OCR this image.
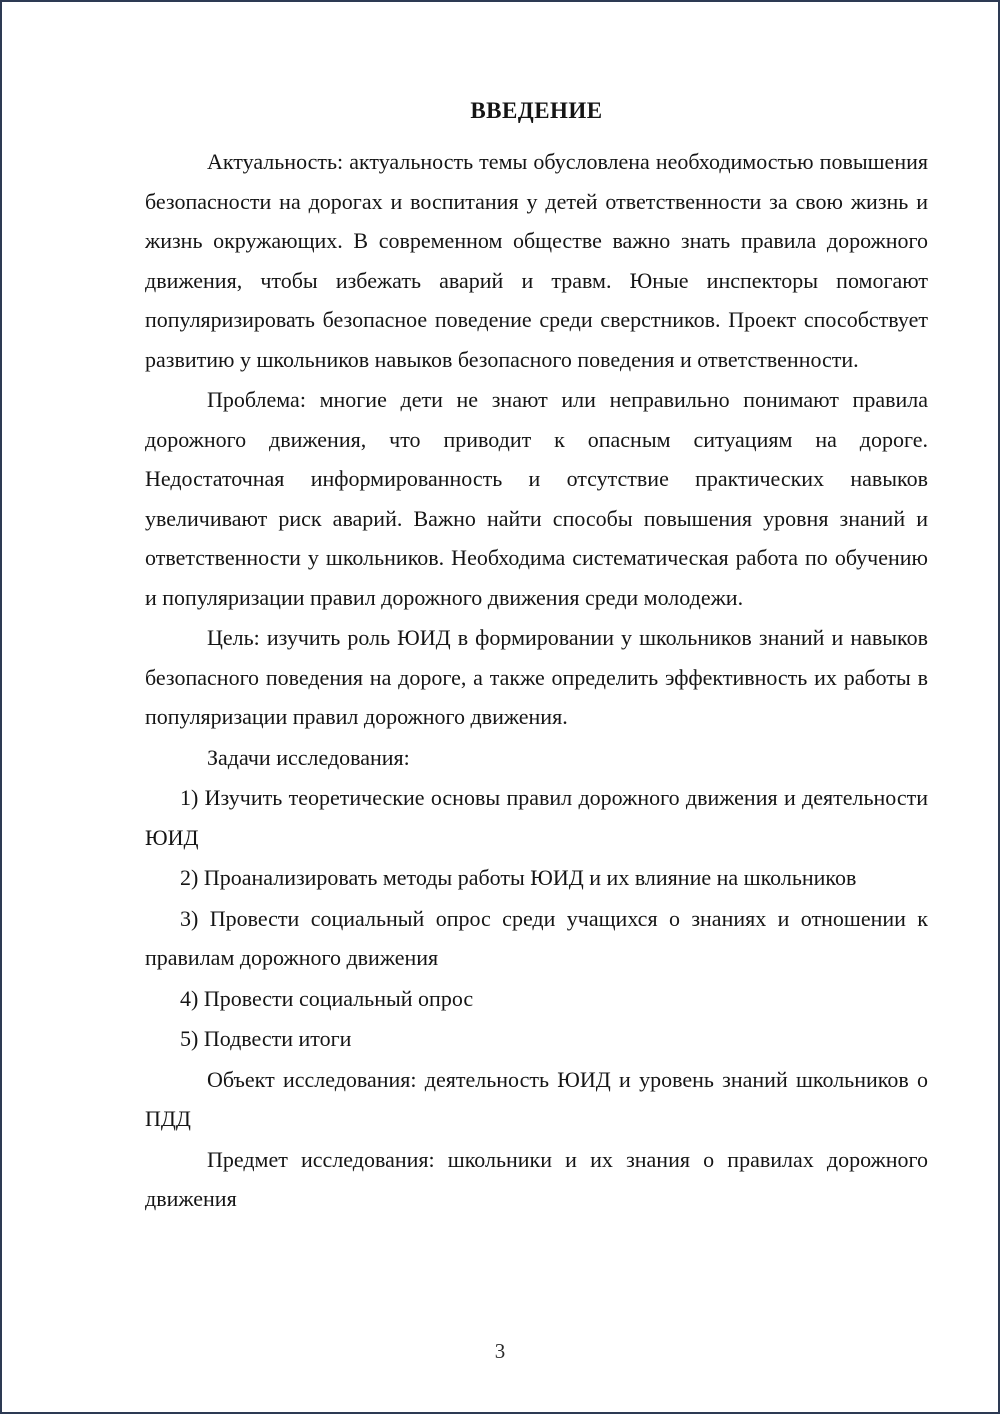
ВВЕДЕНИЕ

Актуальность: актуальность темы обусловлена необходимостью повышения безопасности на дорогах и воспитания у детей ответственности за свою жизнь и жизнь окружающих. В современном обществе важно знать правила дорожного движения, чтобы избежать аварий и травм. Юные инспекторы помогают популяризировать безопасное поведение среди сверстников. Проект способствует развитию у школьников навыков безопасного поведения и ответственности.

Проблема: многие дети не знают или неправильно понимают правила дорожного движения, что приводит к опасным ситуациям на дороге. Недостаточная информированность и отсутствие практических навыков увеличивают риск аварий. Важно найти способы повышения уровня знаний и ответственности у школьников. Необходима систематическая работа по обучению и популяризации правил дорожного движения среди молодежи.

Цель: изучить роль ЮИД в формировании у школьников знаний и навыков безопасного поведения на дороге, а также определить эффективность их работы в популяризации правил дорожного движения.

Задачи исследования:

1) Изучить теоретические основы правил дорожного движения и деятельности ЮИД

2) Проанализировать методы работы ЮИД и их влияние на школьников

3) Провести социальный опрос среди учащихся о знаниях и отношении к правилам дорожного движения

4) Провести социальный опрос

5) Подвести итоги

Объект исследования: деятельность ЮИД и уровень знаний школьников о ПДД

Предмет исследования: школьники и их знания о правилах дорожного движения

3
